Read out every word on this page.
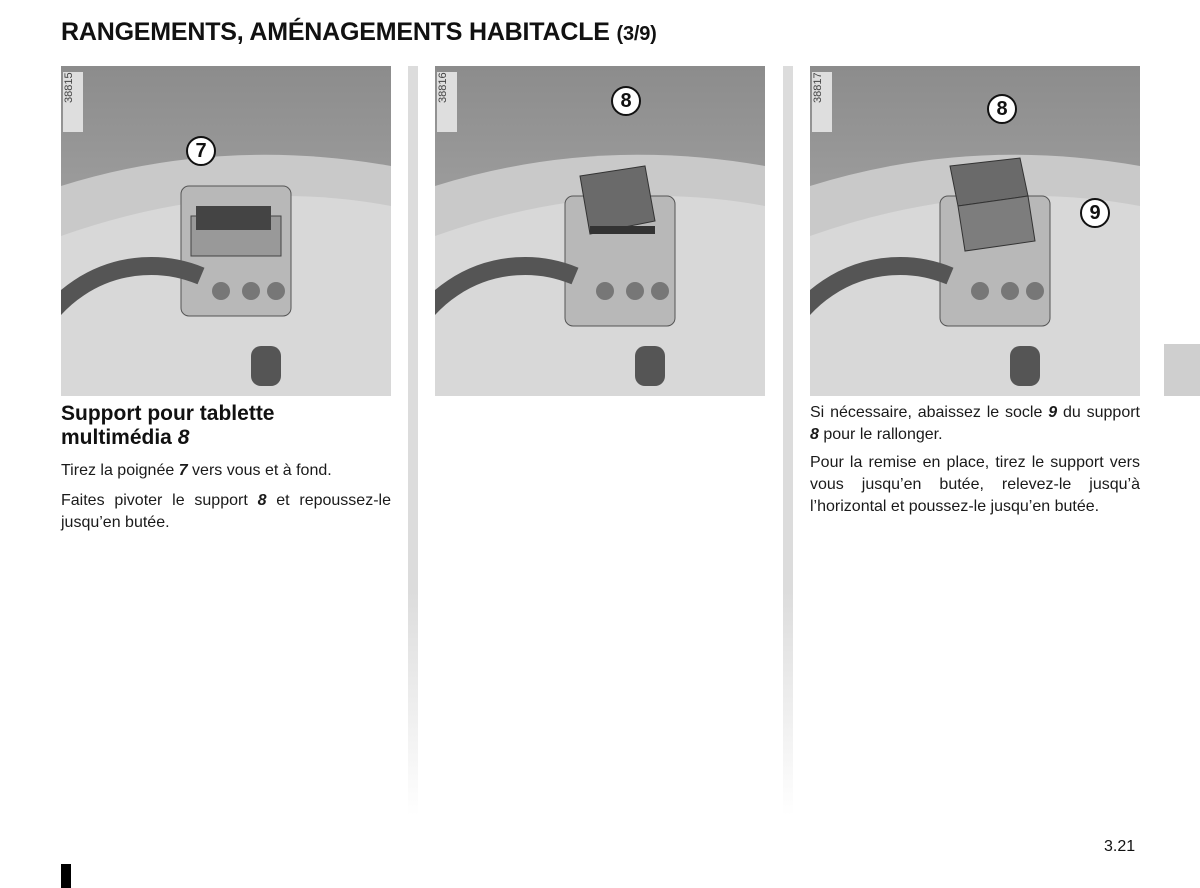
RANGEMENTS, AMÉNAGEMENTS HABITACLE (3/9)
38815
7
38816	8	38817
8
9
Support pour tablette multimédia 8

Tirez la poignée 7 vers vous et à fond.

Faites pivoter le support 8 et repoussez-le jusqu’en butée.

Si nécessaire, abaissez le socle 9 du support 8 pour le rallonger.

Pour la remise en place, tirez le support vers vous jusqu’en butée, relevez-le jusqu’à l’horizontal et poussez-le jusqu’en butée.

3.21
